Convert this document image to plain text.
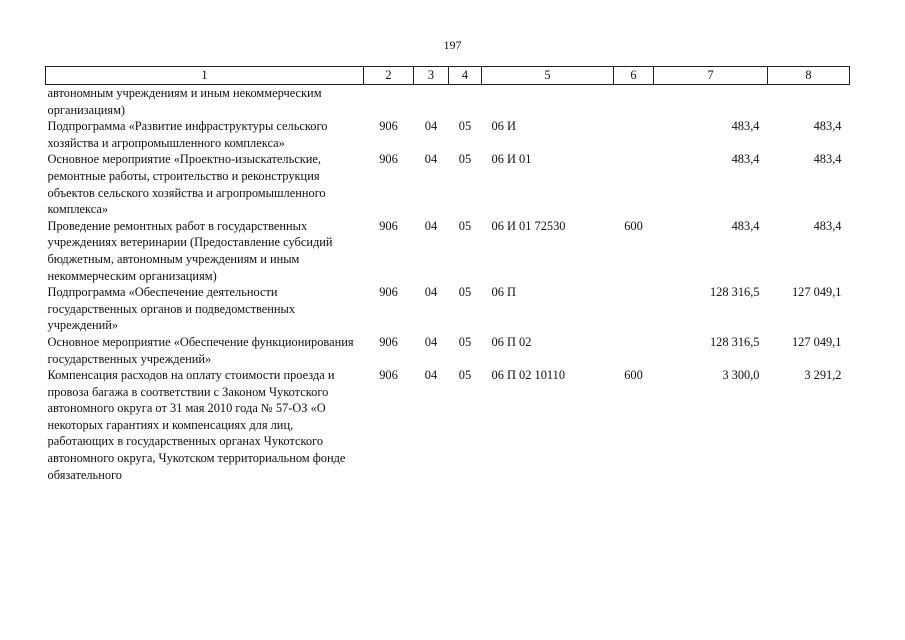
197
1	2	3	4	5	6	7	8
автономным учреждениям и иным некоммерческим организациям)							
Подпрограмма «Развитие инфраструктуры сельского хозяйства и агропромышленного комплекса»	906	04	05	06 И		483,4	483,4
Основное мероприятие «Проектно-изыскательские, ремонтные работы, строительство и реконструкция объектов сельского хозяйства и агропромышленного комплекса»	906	04	05	06 И 01		483,4	483,4
Проведение ремонтных работ в государственных учреждениях ветеринарии (Предоставление субсидий бюджетным, автономным учреждениям и иным некоммерческим организациям)	906	04	05	06 И 01 72530	600	483,4	483,4
Подпрограмма «Обеспечение деятельности государственных органов и подведомственных учреждений»	906	04	05	06 П		128 316,5	127 049,1
Основное мероприятие «Обеспечение функционирования государственных учреждений»	906	04	05	06 П 02		128 316,5	127 049,1
Компенсация расходов на оплату стоимости проезда и провоза багажа в соответствии с Законом Чукотского автономного округа от 31 мая 2010 года № 57-ОЗ «О некоторых гарантиях и компенсациях для лиц, работающих в государственных органах Чукотского автономного округа, Чукотском территориальном фонде обязательного	906	04	05	06 П 02 10110	600	3 300,0	3 291,2
